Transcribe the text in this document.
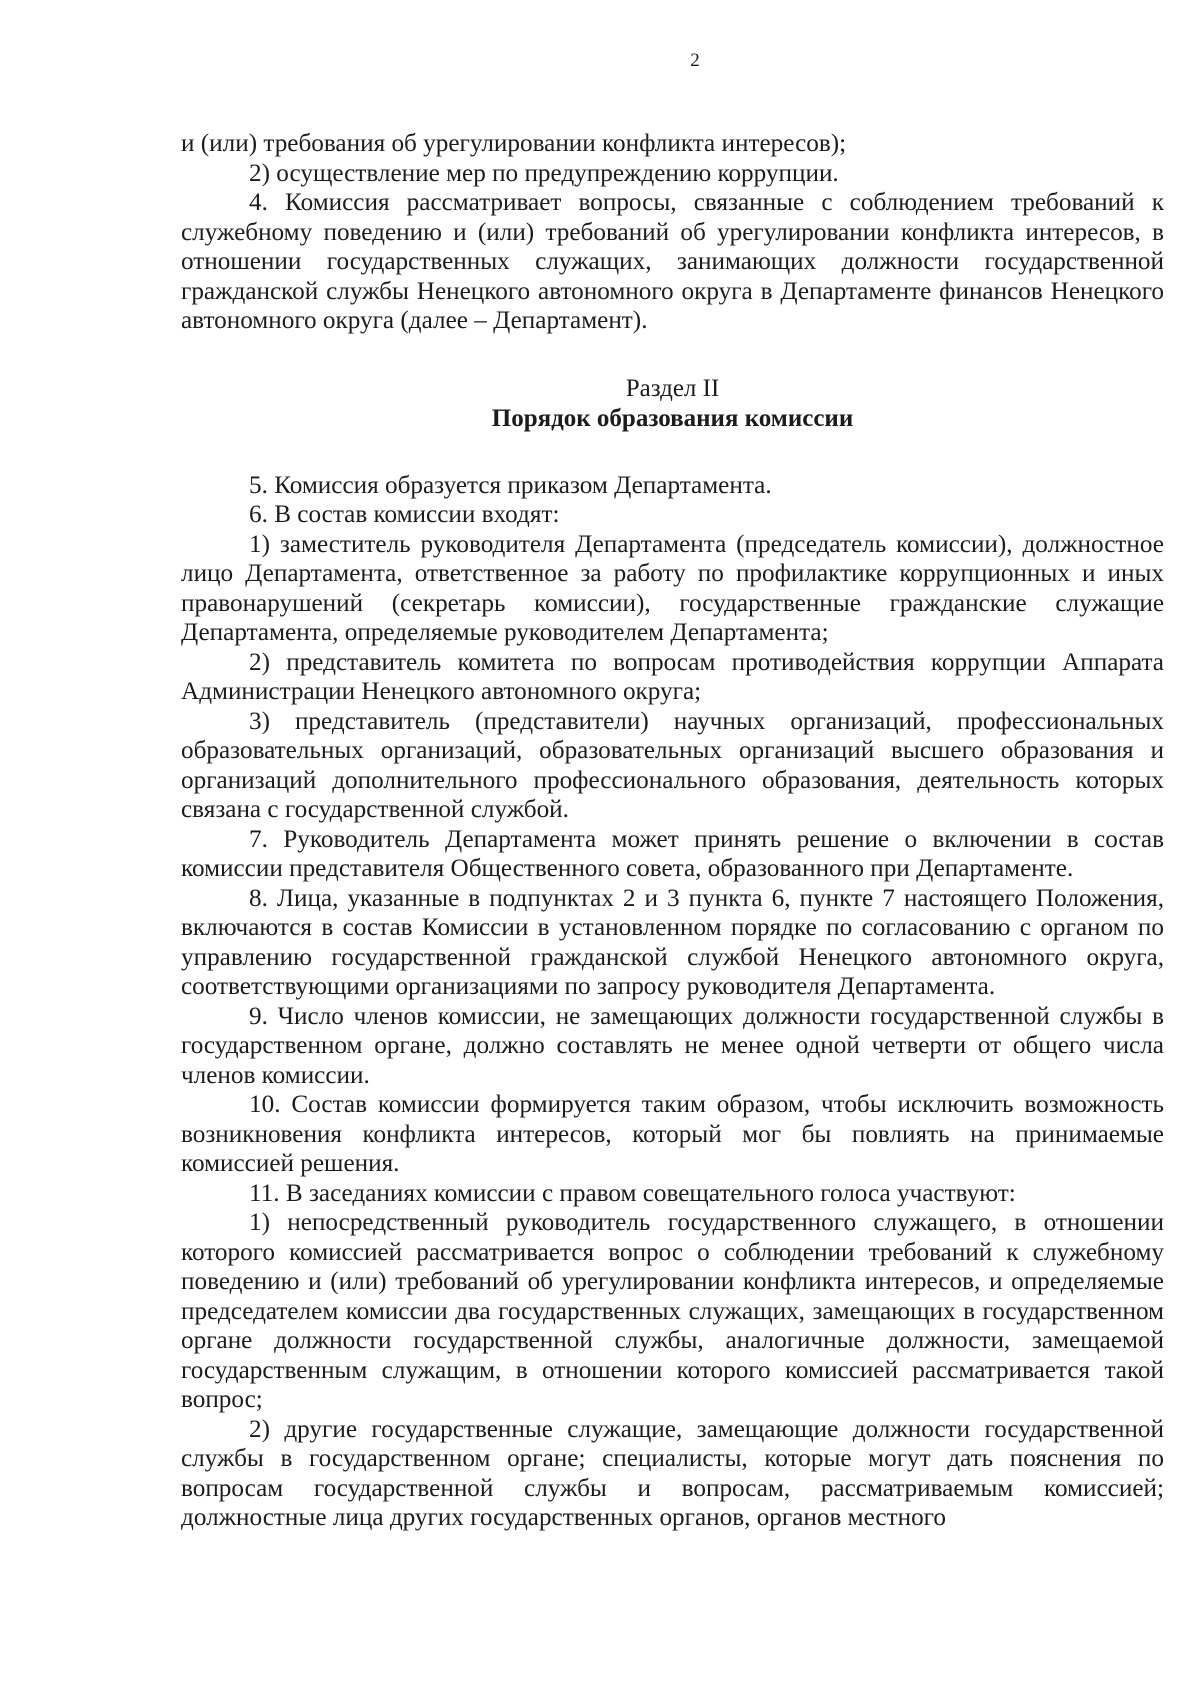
2

и (или) требования об урегулировании конфликта интересов);

2) осуществление мер по предупреждению коррупции.

4. Комиссия рассматривает вопросы, связанные с соблюдением требований к служебному поведению и (или) требований об урегулировании конфликта интересов, в отношении государственных служащих, занимающих должности государственной гражданской службы Ненецкого автономного округа в Департаменте финансов Ненецкого автономного округа (далее – Департамент).

Раздел II
Порядок образования комиссии

5. Комиссия образуется приказом Департамента.

6. В состав комиссии входят:

1) заместитель руководителя Департамента (председатель комиссии), должностное лицо Департамента, ответственное за работу по профилактике коррупционных и иных правонарушений (секретарь комиссии), государственные гражданские служащие Департамента, определяемые руководителем Департамента;

2) представитель комитета по вопросам противодействия коррупции Аппарата Администрации Ненецкого автономного округа;

3) представитель (представители) научных организаций, профессиональных образовательных организаций, образовательных организаций высшего образования и организаций дополнительного профессионального образования, деятельность которых связана с государственной службой.

7. Руководитель Департамента может принять решение о включении в состав комиссии представителя Общественного совета, образованного при Департаменте.

8. Лица, указанные в подпунктах 2 и 3 пункта 6, пункте 7 настоящего Положения, включаются в состав Комиссии в установленном порядке по согласованию с органом по управлению государственной гражданской службой Ненецкого автономного округа, соответствующими организациями по запросу руководителя Департамента.

9. Число членов комиссии, не замещающих должности государственной службы в государственном органе, должно составлять не менее одной четверти от общего числа членов комиссии.

10. Состав комиссии формируется таким образом, чтобы исключить возможность возникновения конфликта интересов, который мог бы повлиять на принимаемые комиссией решения.

11. В заседаниях комиссии с правом совещательного голоса участвуют:

1) непосредственный руководитель государственного служащего, в отношении которого комиссией рассматривается вопрос о соблюдении требований к служебному поведению и (или) требований об урегулировании конфликта интересов, и определяемые председателем комиссии два государственных служащих, замещающих в государственном органе должности государственной службы, аналогичные должности, замещаемой государственным служащим, в отношении которого комиссией рассматривается такой вопрос;

2) другие государственные служащие, замещающие должности государственной службы в государственном органе; специалисты, которые могут дать пояснения по вопросам государственной службы и вопросам, рассматриваемым комиссией; должностные лица других государственных органов, органов местного
